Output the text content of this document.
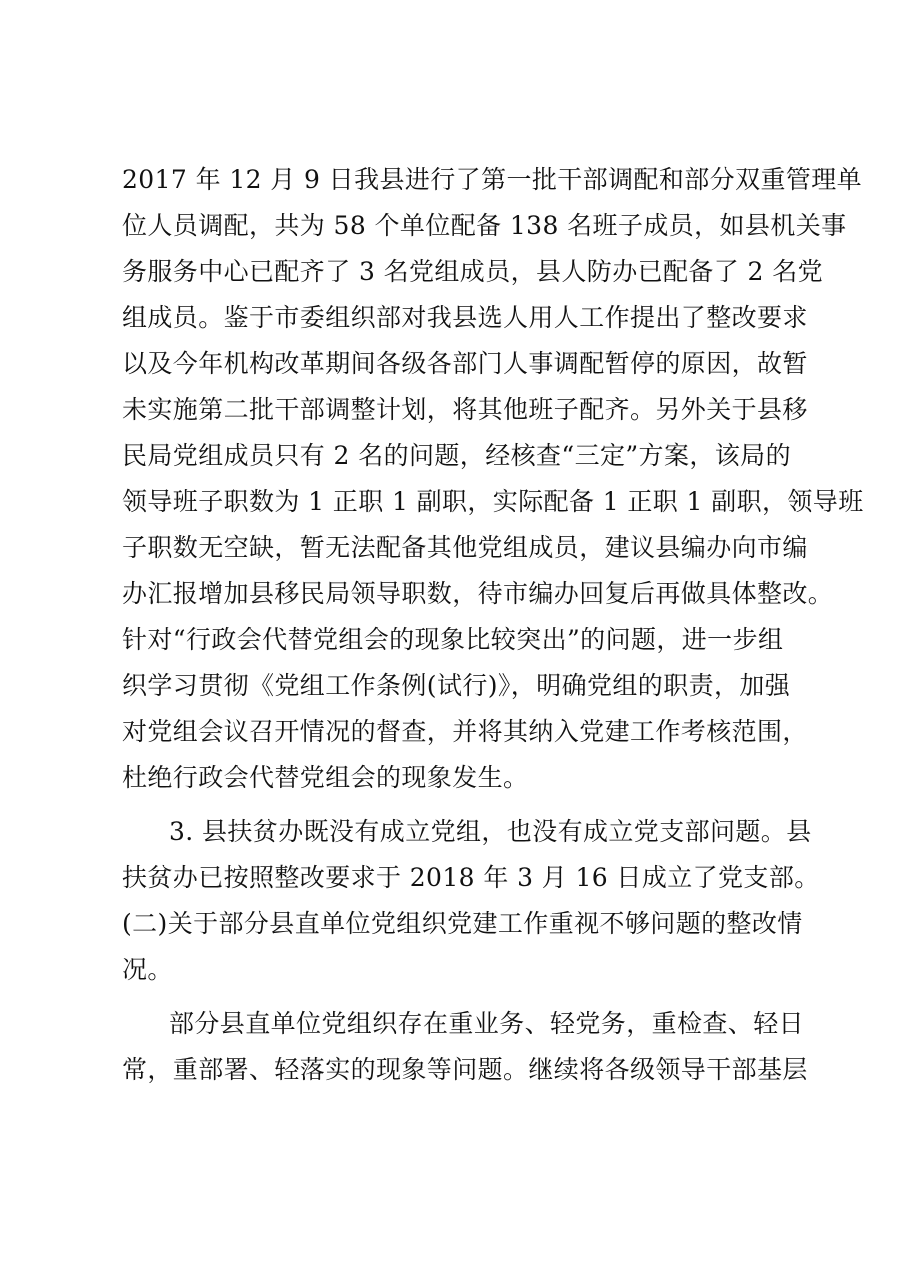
2017 年 12 月 9 日我县进行了第一批干部调配和部分双重管理单
位人员调配，共为 58 个单位配备 138 名班子成员，如县机关事
务服务中心已配齐了 3 名党组成员，县人防办已配备了 2 名党
组成员。鉴于市委组织部对我县选人用人工作提出了整改要求
以及今年机构改革期间各级各部门人事调配暂停的原因，故暂
未实施第二批干部调整计划，将其他班子配齐。另外关于县移
民局党组成员只有 2 名的问题，经核查“三定”方案，该局的
领导班子职数为 1 正职 1 副职，实际配备 1 正职 1 副职，领导班
子职数无空缺，暂无法配备其他党组成员，建议县编办向市编
办汇报增加县移民局领导职数，待市编办回复后再做具体整改。
针对“行政会代替党组会的现象比较突出”的问题，进一步组
织学习贯彻《党组工作条例(试行)》，明确党组的职责，加强
对党组会议召开情况的督查，并将其纳入党建工作考核范围，
杜绝行政会代替党组会的现象发生。
3. 县扶贫办既没有成立党组，也没有成立党支部问题。县
扶贫办已按照整改要求于 2018 年 3 月 16 日成立了党支部。
(二)关于部分县直单位党组织党建工作重视不够问题的整改情
况。
部分县直单位党组织存在重业务、轻党务，重检查、轻日
常，重部署、轻落实的现象等问题。继续将各级领导干部基层
